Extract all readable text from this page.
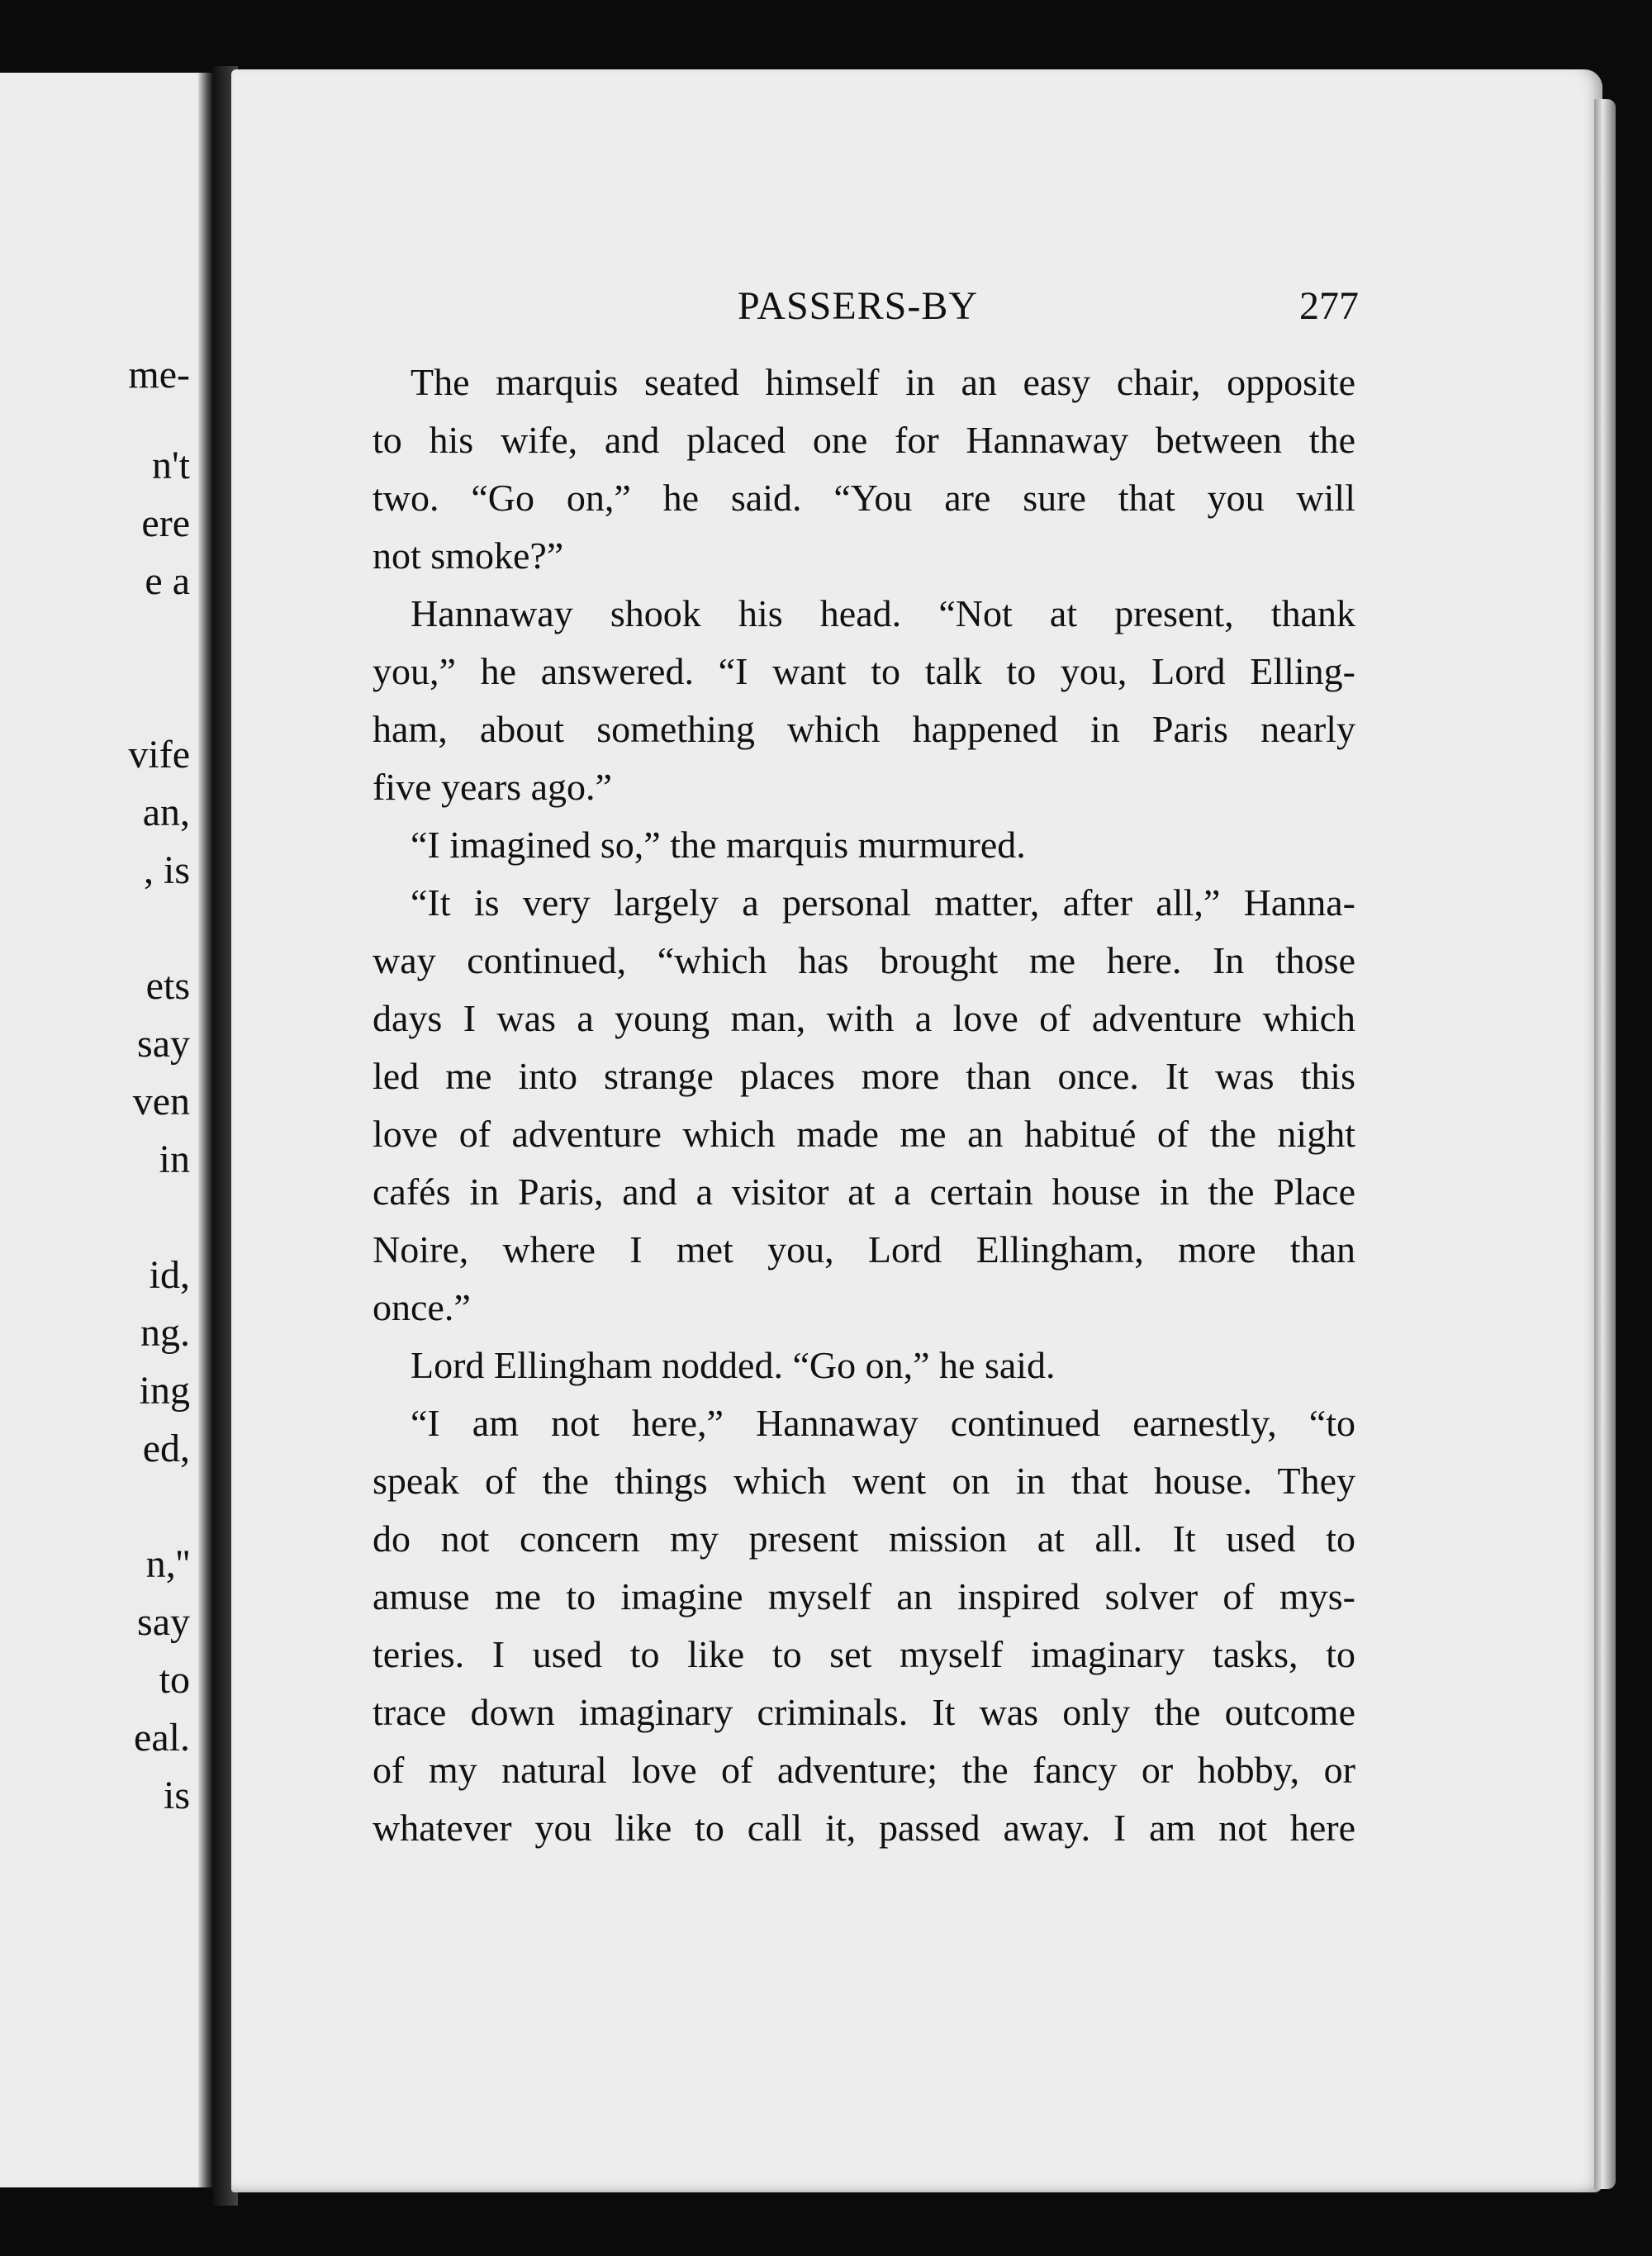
me-
n't
ere
e a
vife
an,
, is
ets
say
ven
in
id,
ng.
ing
ed,
n,''
say
to
eal.
is
PASSERS-BY	277
The marquis seated himself in an easy chair, opposite
to his wife, and placed one for Hannaway between the
two. “Go on,” he said. “You are sure that you will
not smoke?”
Hannaway shook his head. “Not at present, thank
you,” he answered. “I want to talk to you, Lord Elling-
ham, about something which happened in Paris nearly
five years ago.”
“I imagined so,” the marquis murmured.
“It is very largely a personal matter, after all,” Hanna-
way continued, “which has brought me here. In those
days I was a young man, with a love of adventure which
led me into strange places more than once. It was this
love of adventure which made me an habitué of the night
cafés in Paris, and a visitor at a certain house in the Place
Noire, where I met you, Lord Ellingham, more than
once.”
Lord Ellingham nodded. “Go on,” he said.
“I am not here,” Hannaway continued earnestly, “to
speak of the things which went on in that house. They
do not concern my present mission at all. It used to
amuse me to imagine myself an inspired solver of mys-
teries. I used to like to set myself imaginary tasks, to
trace down imaginary criminals. It was only the outcome
of my natural love of adventure; the fancy or hobby, or
whatever you like to call it, passed away. I am not here
